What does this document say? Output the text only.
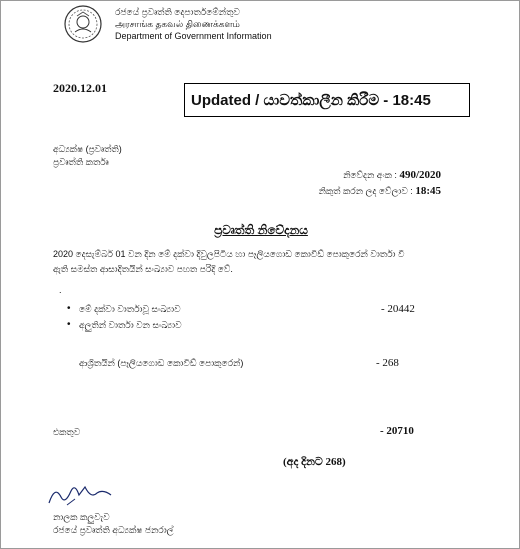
රජයේ ප්‍රවෘත්ති දෙපාර්තමේන්තුව
அரசாங்க தகவல் திணைக்களம்
Department of Government Information
2020.12.01
Updated / යාවත්කාලීන කිරීම - 18:45
අධ්‍යක්ෂ (ප්‍රවෘත්ති)
ප්‍රවෘත්ති කර්තෘ
නිවේදන අංක : 490/2020
නිකුත් කරන ලද වේලාව : 18:45
ප්‍රවෘත්ති නිවේදනය
2020 දෙසැම්බර් 01 වන දින මේ දක්වා දිවුලපිටිය හා පෑලියගොඩ කොවිඩ් පොකුරෙන් වාර්තා වී
ඇති සමස්ත ආසාදිතයින් සංඛ්‍යාව පහත පරිදි වේ.
.
• මේ දක්වා වාර්තාවූ සංඛ්‍යාව	- 20442
• අලුතින් වාර්තා වන සංඛ්‍යාව
ආශ්‍රිතයින් (පෑලියගොඩ කොවිඩ් පොකුරෙන්)	- 268
එකතුව	- 20710
(අද දිනට 268)
නාලක කලුවැව
රජයේ ප්‍රවෘත්ති අධ්‍යක්ෂ ජනරාල්
